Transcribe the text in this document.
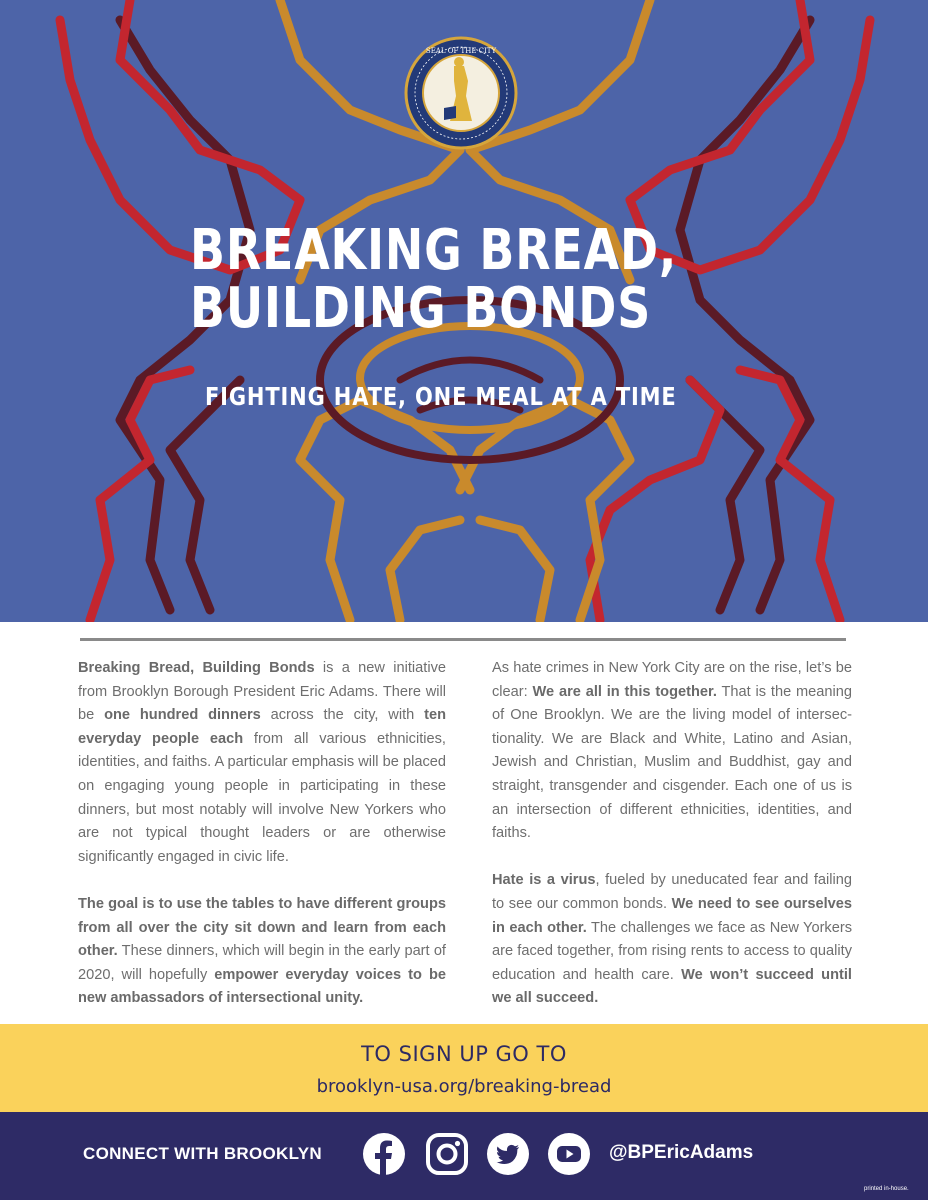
SEAL OF THE CITY
BREAKING BREAD,
BUILDING BONDS
FIGHTING HATE, ONE MEAL AT A TIME

Breaking Bread, Building Bonds is a new initiative from Brooklyn Borough President Eric Adams. There will be one hundred dinners across the city, with ten everyday people each from all various ethnicities, identities, and faiths. A particular emphasis will be placed on engaging young people in participating in these dinners, but most notably will involve New Yorkers who are not typical thought leaders or are otherwise significantly engaged in civic life.

The goal is to use the tables to have different groups from all over the city sit down and learn from each other. These dinners, which will begin in the early part of 2020, will hopefully empower everyday voices to be new ambassadors of intersectional unity.

As hate crimes in New York City are on the rise, let’s be clear: We are all in this together. That is the meaning of One Brooklyn. We are the living model of intersectionality. We are Black and White, Latino and Asian, Jewish and Christian, Muslim and Buddhist, gay and straight, transgender and cisgender. Each one of us is an intersection of different ethnicities, identities, and faiths.

Hate is a virus, fueled by uneducated fear and failing to see our common bonds. We need to see ourselves in each other. The challenges we face as New Yorkers are faced together, from rising rents to access to quality education and health care. We won’t succeed until we all succeed.

TO SIGN UP GO TO
brooklyn-usa.org/breaking-bread
CONNECT WITH BROOKLYN	@BPEricAdams
printed in-house.
